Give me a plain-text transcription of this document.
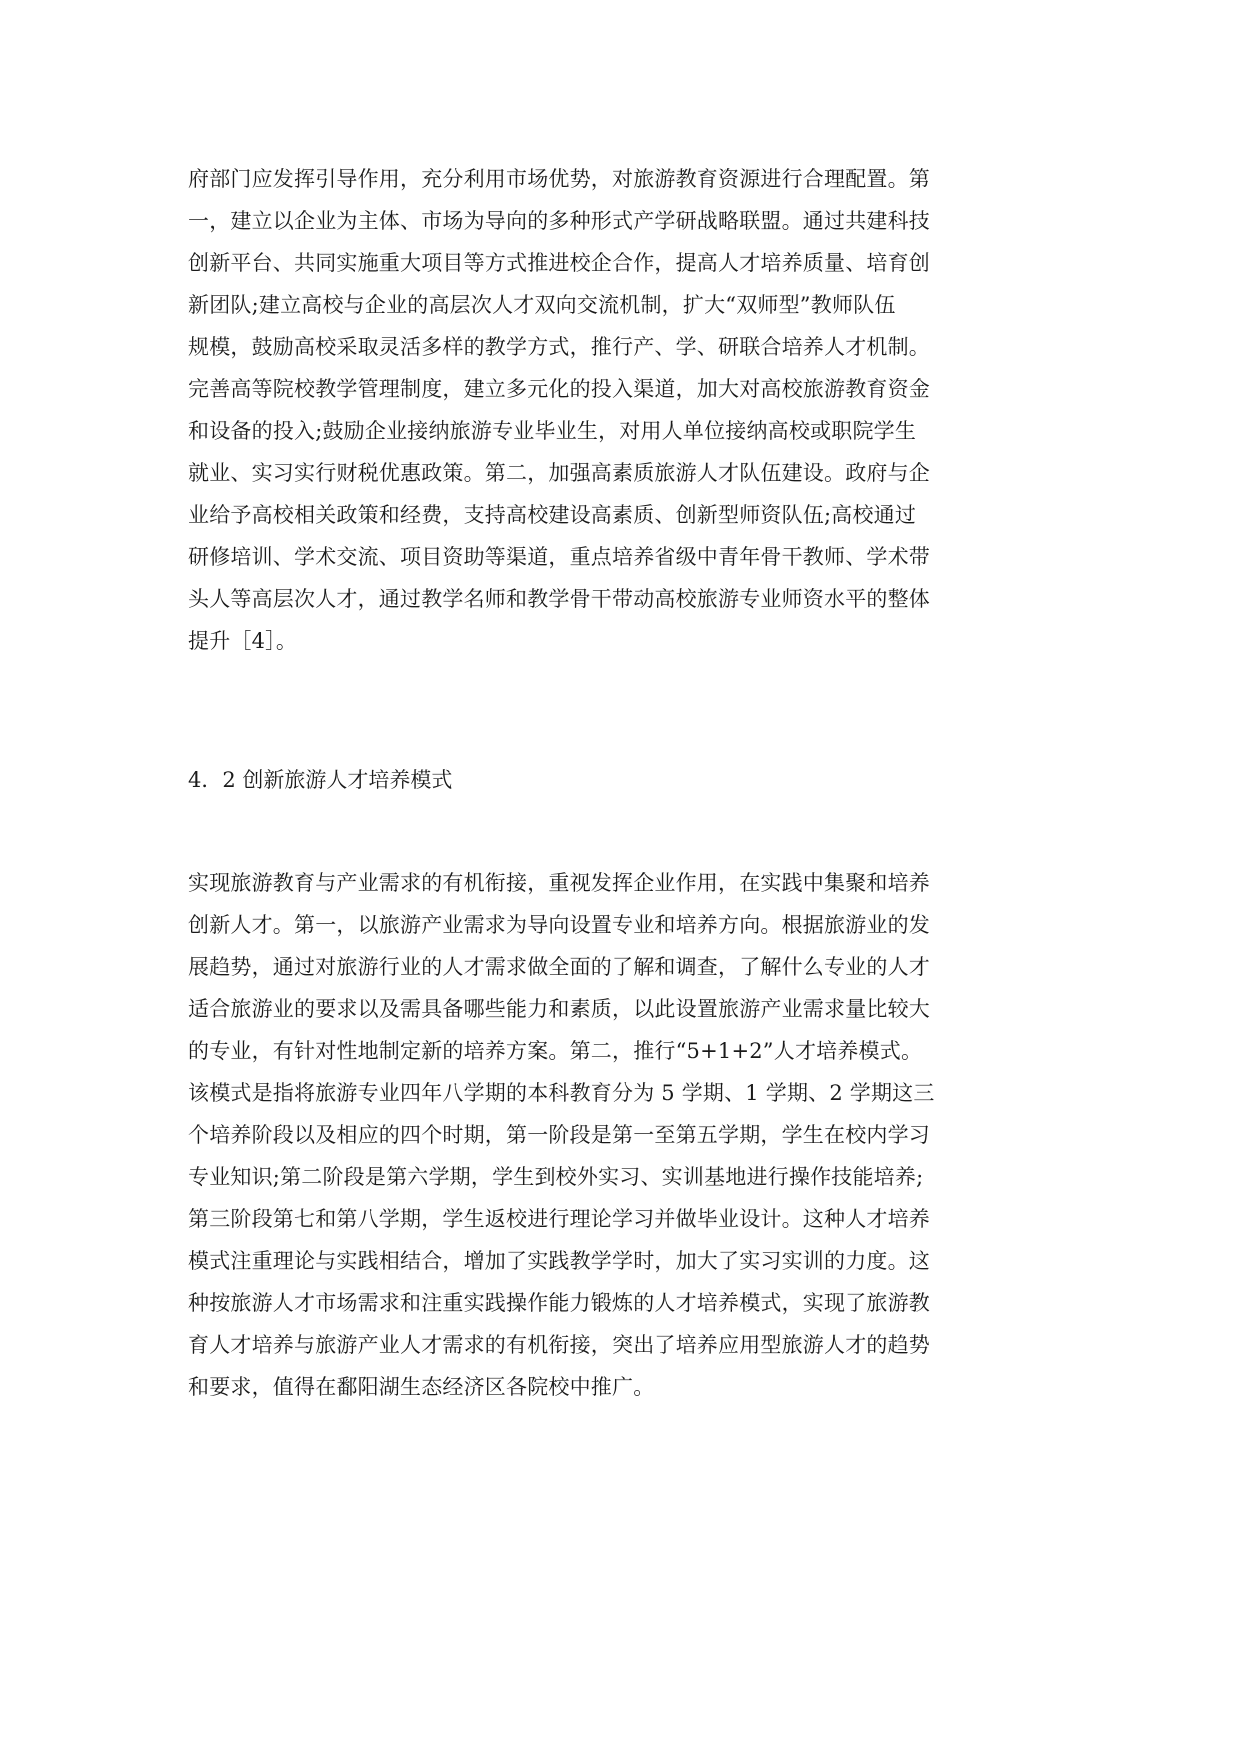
府部门应发挥引导作用，充分利用市场优势，对旅游教育资源进行合理配置。第
一，建立以企业为主体、市场为导向的多种形式产学研战略联盟。通过共建科技
创新平台、共同实施重大项目等方式推进校企合作，提高人才培养质量、培育创
新团队;建立高校与企业的高层次人才双向交流机制，扩大“双师型”教师队伍
规模，鼓励高校采取灵活多样的教学方式，推行产、学、研联合培养人才机制。
完善高等院校教学管理制度，建立多元化的投入渠道，加大对高校旅游教育资金
和设备的投入;鼓励企业接纳旅游专业毕业生，对用人单位接纳高校或职院学生
就业、实习实行财税优惠政策。第二，加强高素质旅游人才队伍建设。政府与企
业给予高校相关政策和经费，支持高校建设高素质、创新型师资队伍;高校通过
研修培训、学术交流、项目资助等渠道，重点培养省级中青年骨干教师、学术带
头人等高层次人才，通过教学名师和教学骨干带动高校旅游专业师资水平的整体
提升［4］。
4．2 创新旅游人才培养模式
实现旅游教育与产业需求的有机衔接，重视发挥企业作用，在实践中集聚和培养
创新人才。第一，以旅游产业需求为导向设置专业和培养方向。根据旅游业的发
展趋势，通过对旅游行业的人才需求做全面的了解和调查，了解什么专业的人才
适合旅游业的要求以及需具备哪些能力和素质，以此设置旅游产业需求量比较大
的专业，有针对性地制定新的培养方案。第二，推行“5+1+2”人才培养模式。
该模式是指将旅游专业四年八学期的本科教育分为 5 学期、1 学期、2 学期这三
个培养阶段以及相应的四个时期，第一阶段是第一至第五学期，学生在校内学习
专业知识;第二阶段是第六学期，学生到校外实习、实训基地进行操作技能培养;
第三阶段第七和第八学期，学生返校进行理论学习并做毕业设计。这种人才培养
模式注重理论与实践相结合，增加了实践教学学时，加大了实习实训的力度。这
种按旅游人才市场需求和注重实践操作能力锻炼的人才培养模式，实现了旅游教
育人才培养与旅游产业人才需求的有机衔接，突出了培养应用型旅游人才的趋势
和要求，值得在鄱阳湖生态经济区各院校中推广。
